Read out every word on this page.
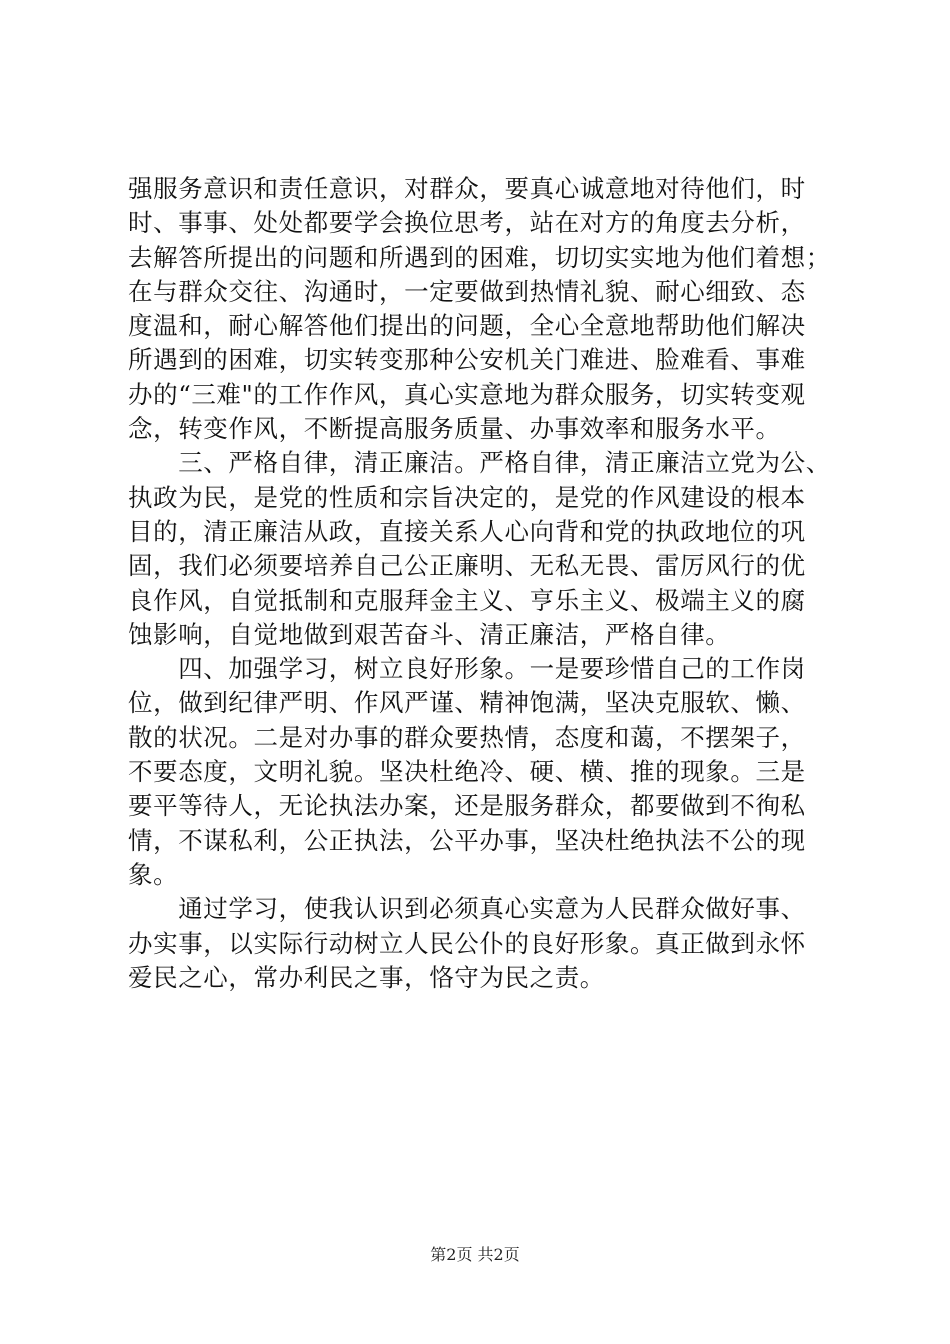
强服务意识和责任意识，对群众，要真心诚意地对待他们，时
时、事事、处处都要学会换位思考，站在对方的角度去分析，
去解答所提出的问题和所遇到的困难，切切实实地为他们着想；
在与群众交往、沟通时，一定要做到热情礼貌、耐心细致、态
度温和，耐心解答他们提出的问题，全心全意地帮助他们解决
所遇到的困难，切实转变那种公安机关门难进、脸难看、事难
办的“三难"的工作作风，真心实意地为群众服务，切实转变观
念，转变作风，不断提高服务质量、办事效率和服务水平。
　　三、严格自律，清正廉洁。严格自律，清正廉洁立党为公、
执政为民，是党的性质和宗旨决定的，是党的作风建设的根本
目的，清正廉洁从政，直接关系人心向背和党的执政地位的巩
固，我们必须要培养自己公正廉明、无私无畏、雷厉风行的优
良作风，自觉抵制和克服拜金主义、亨乐主义、极端主义的腐
蚀影响，自觉地做到艰苦奋斗、清正廉洁，严格自律。
　　四、加强学习，树立良好形象。一是要珍惜自己的工作岗
位，做到纪律严明、作风严谨、精神饱满，坚决克服软、懒、
散的状况。二是对办事的群众要热情，态度和蔼，不摆架子，
不要态度，文明礼貌。坚决杜绝冷、硬、横、推的现象。三是
要平等待人，无论执法办案，还是服务群众，都要做到不徇私
情，不谋私利，公正执法，公平办事，坚决杜绝执法不公的现
象。
　　通过学习，使我认识到必须真心实意为人民群众做好事、
办实事，以实际行动树立人民公仆的良好形象。真正做到永怀
爱民之心，常办利民之事，恪守为民之责。
第2页 共2页
